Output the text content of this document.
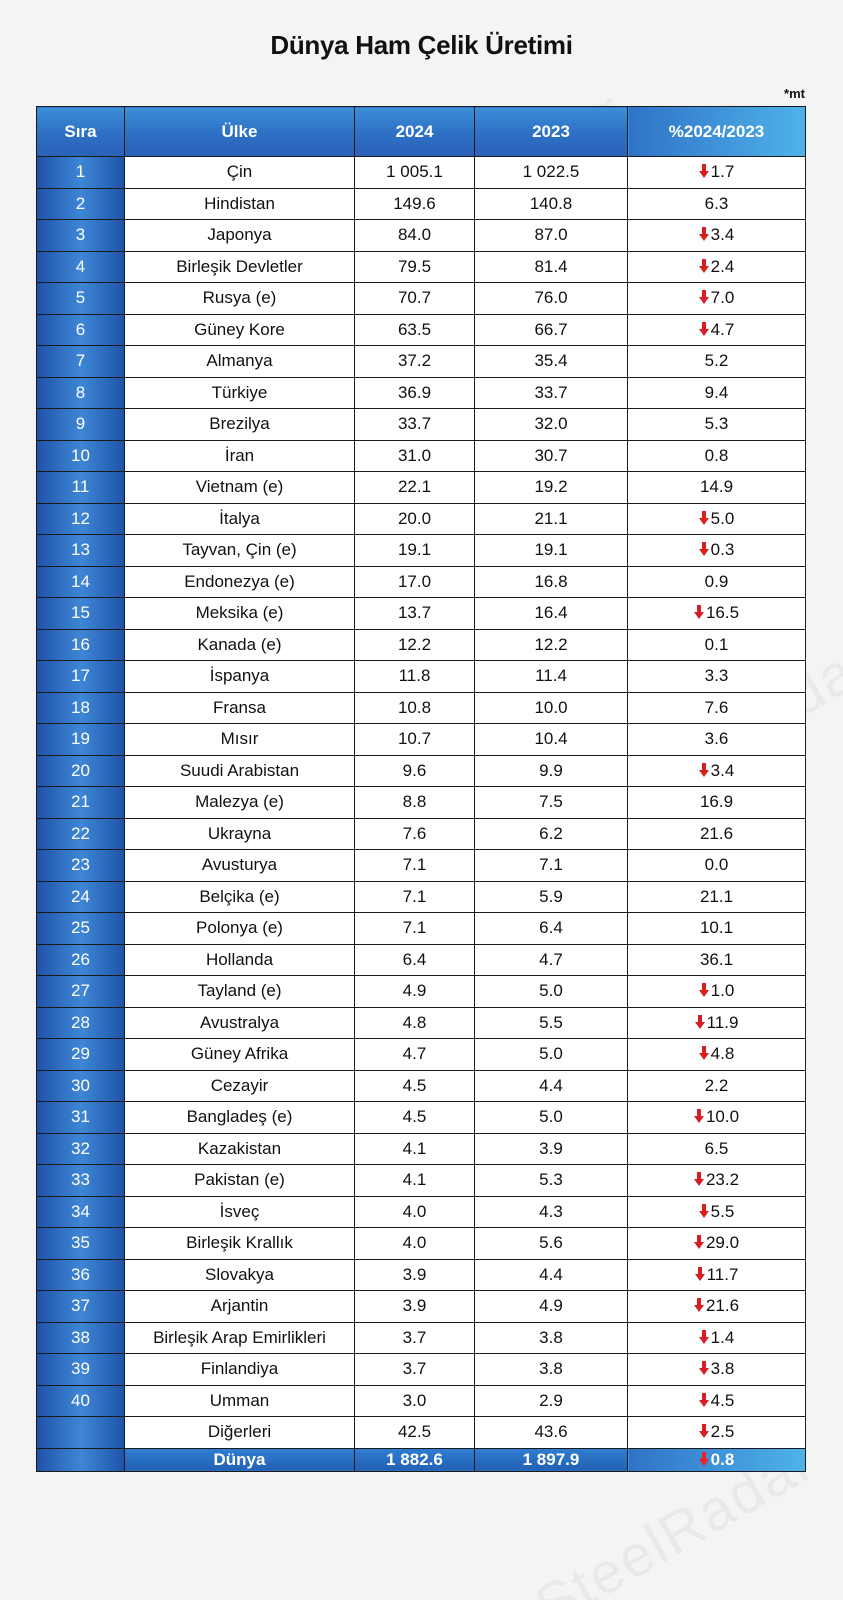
Dünya Ham Çelik Üretimi
*mt
Sıra	Ülke	2024	2023	%2024/2023
1	Çin	1 005.1	1 022.5	1.7
2	Hindistan	149.6	140.8	6.3
3	Japonya	84.0	87.0	3.4
4	Birleşik Devletler	79.5	81.4	2.4
5	Rusya (e)	70.7	76.0	7.0
6	Güney Kore	63.5	66.7	4.7
7	Almanya	37.2	35.4	5.2
8	Türkiye	36.9	33.7	9.4
9	Brezilya	33.7	32.0	5.3
10	İran	31.0	30.7	0.8
11	Vietnam (e)	22.1	19.2	14.9
12	İtalya	20.0	21.1	5.0
13	Tayvan, Çin (e)	19.1	19.1	0.3
14	Endonezya (e)	17.0	16.8	0.9
15	Meksika (e)	13.7	16.4	16.5
16	Kanada (e)	12.2	12.2	0.1
17	İspanya	11.8	11.4	3.3
18	Fransa	10.8	10.0	7.6
19	Mısır	10.7	10.4	3.6
20	Suudi Arabistan	9.6	9.9	3.4
21	Malezya (e)	8.8	7.5	16.9
22	Ukrayna	7.6	6.2	21.6
23	Avusturya	7.1	7.1	0.0
24	Belçika (e)	7.1	5.9	21.1
25	Polonya (e)	7.1	6.4	10.1
26	Hollanda	6.4	4.7	36.1
27	Tayland (e)	4.9	5.0	1.0
28	Avustralya	4.8	5.5	11.9
29	Güney Afrika	4.7	5.0	4.8
30	Cezayir	4.5	4.4	2.2
31	Bangladeş (e)	4.5	5.0	10.0
32	Kazakistan	4.1	3.9	6.5
33	Pakistan (e)	4.1	5.3	23.2
34	İsveç	4.0	4.3	5.5
35	Birleşik Krallık	4.0	5.6	29.0
36	Slovakya	3.9	4.4	11.7
37	Arjantin	3.9	4.9	21.6
38	Birleşik Arap Emirlikleri	3.7	3.8	1.4
39	Finlandiya	3.7	3.8	3.8
40	Umman	3.0	2.9	4.5
	Diğerleri	42.5	43.6	2.5
	Dünya	1 882.6	1 897.9	0.8
